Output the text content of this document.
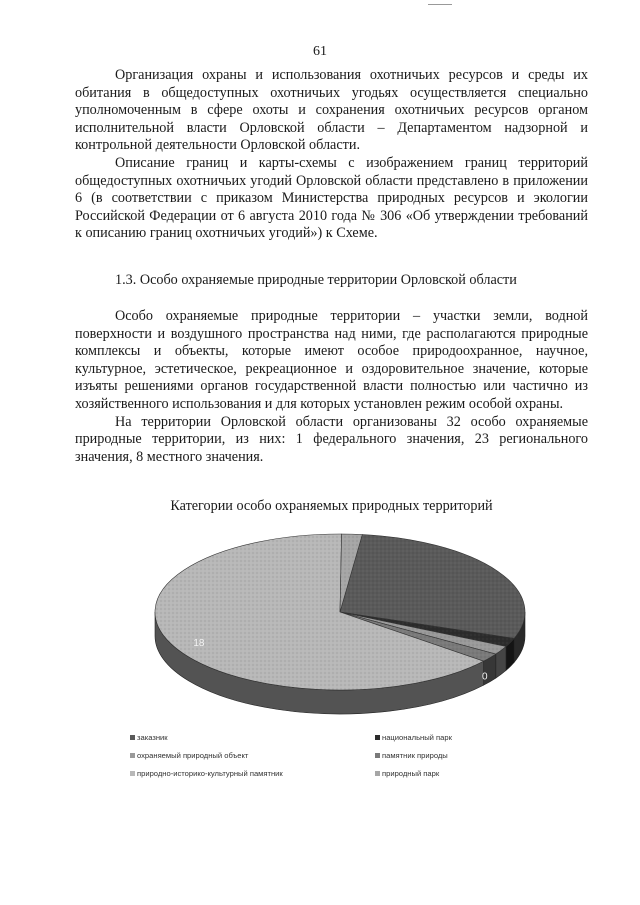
61

Организация охраны и использования охотничьих ресурсов и среды их обитания в общедоступных охотничьих угодьях осуществляется специально уполномоченным в сфере охоты и сохранения охотничьих ресурсов органом исполнительной власти Орловской области – Департаментом надзорной и контрольной деятельности Орловской области.

Описание границ и карты-схемы с изображением границ территорий общедоступных охотничьих угодий Орловской области представлено в приложении 6 (в соответствии с приказом Министерства природных ресурсов и экологии Российской Федерации от 6 августа 2010 года № 306 «Об утверждении требований к описанию границ охотничьих угодий») к Схеме.

1.3. Особо охраняемые природные территории Орловской области

Особо охраняемые природные территории – участки земли, водной поверхности и воздушного пространства над ними, где располагаются природные комплексы и объекты, которые имеют особое природоохранное, научное, культурное, эстетическое, рекреационное и оздоровительное значение, которые изъяты решениями органов государственной власти полностью или частично из хозяйственного использования и для которых установлен режим особой охраны.

На территории Орловской области организованы 32 особо охраняемые природные территории, из них: 1 федерального значения, 23 регионального значения, 8 местного значения.

Категории особо охраняемых природных территорий
0
18
заказник
охраняемый природный объект
природно-историко-культурный памятник
национальный парк
памятник природы
природный парк
